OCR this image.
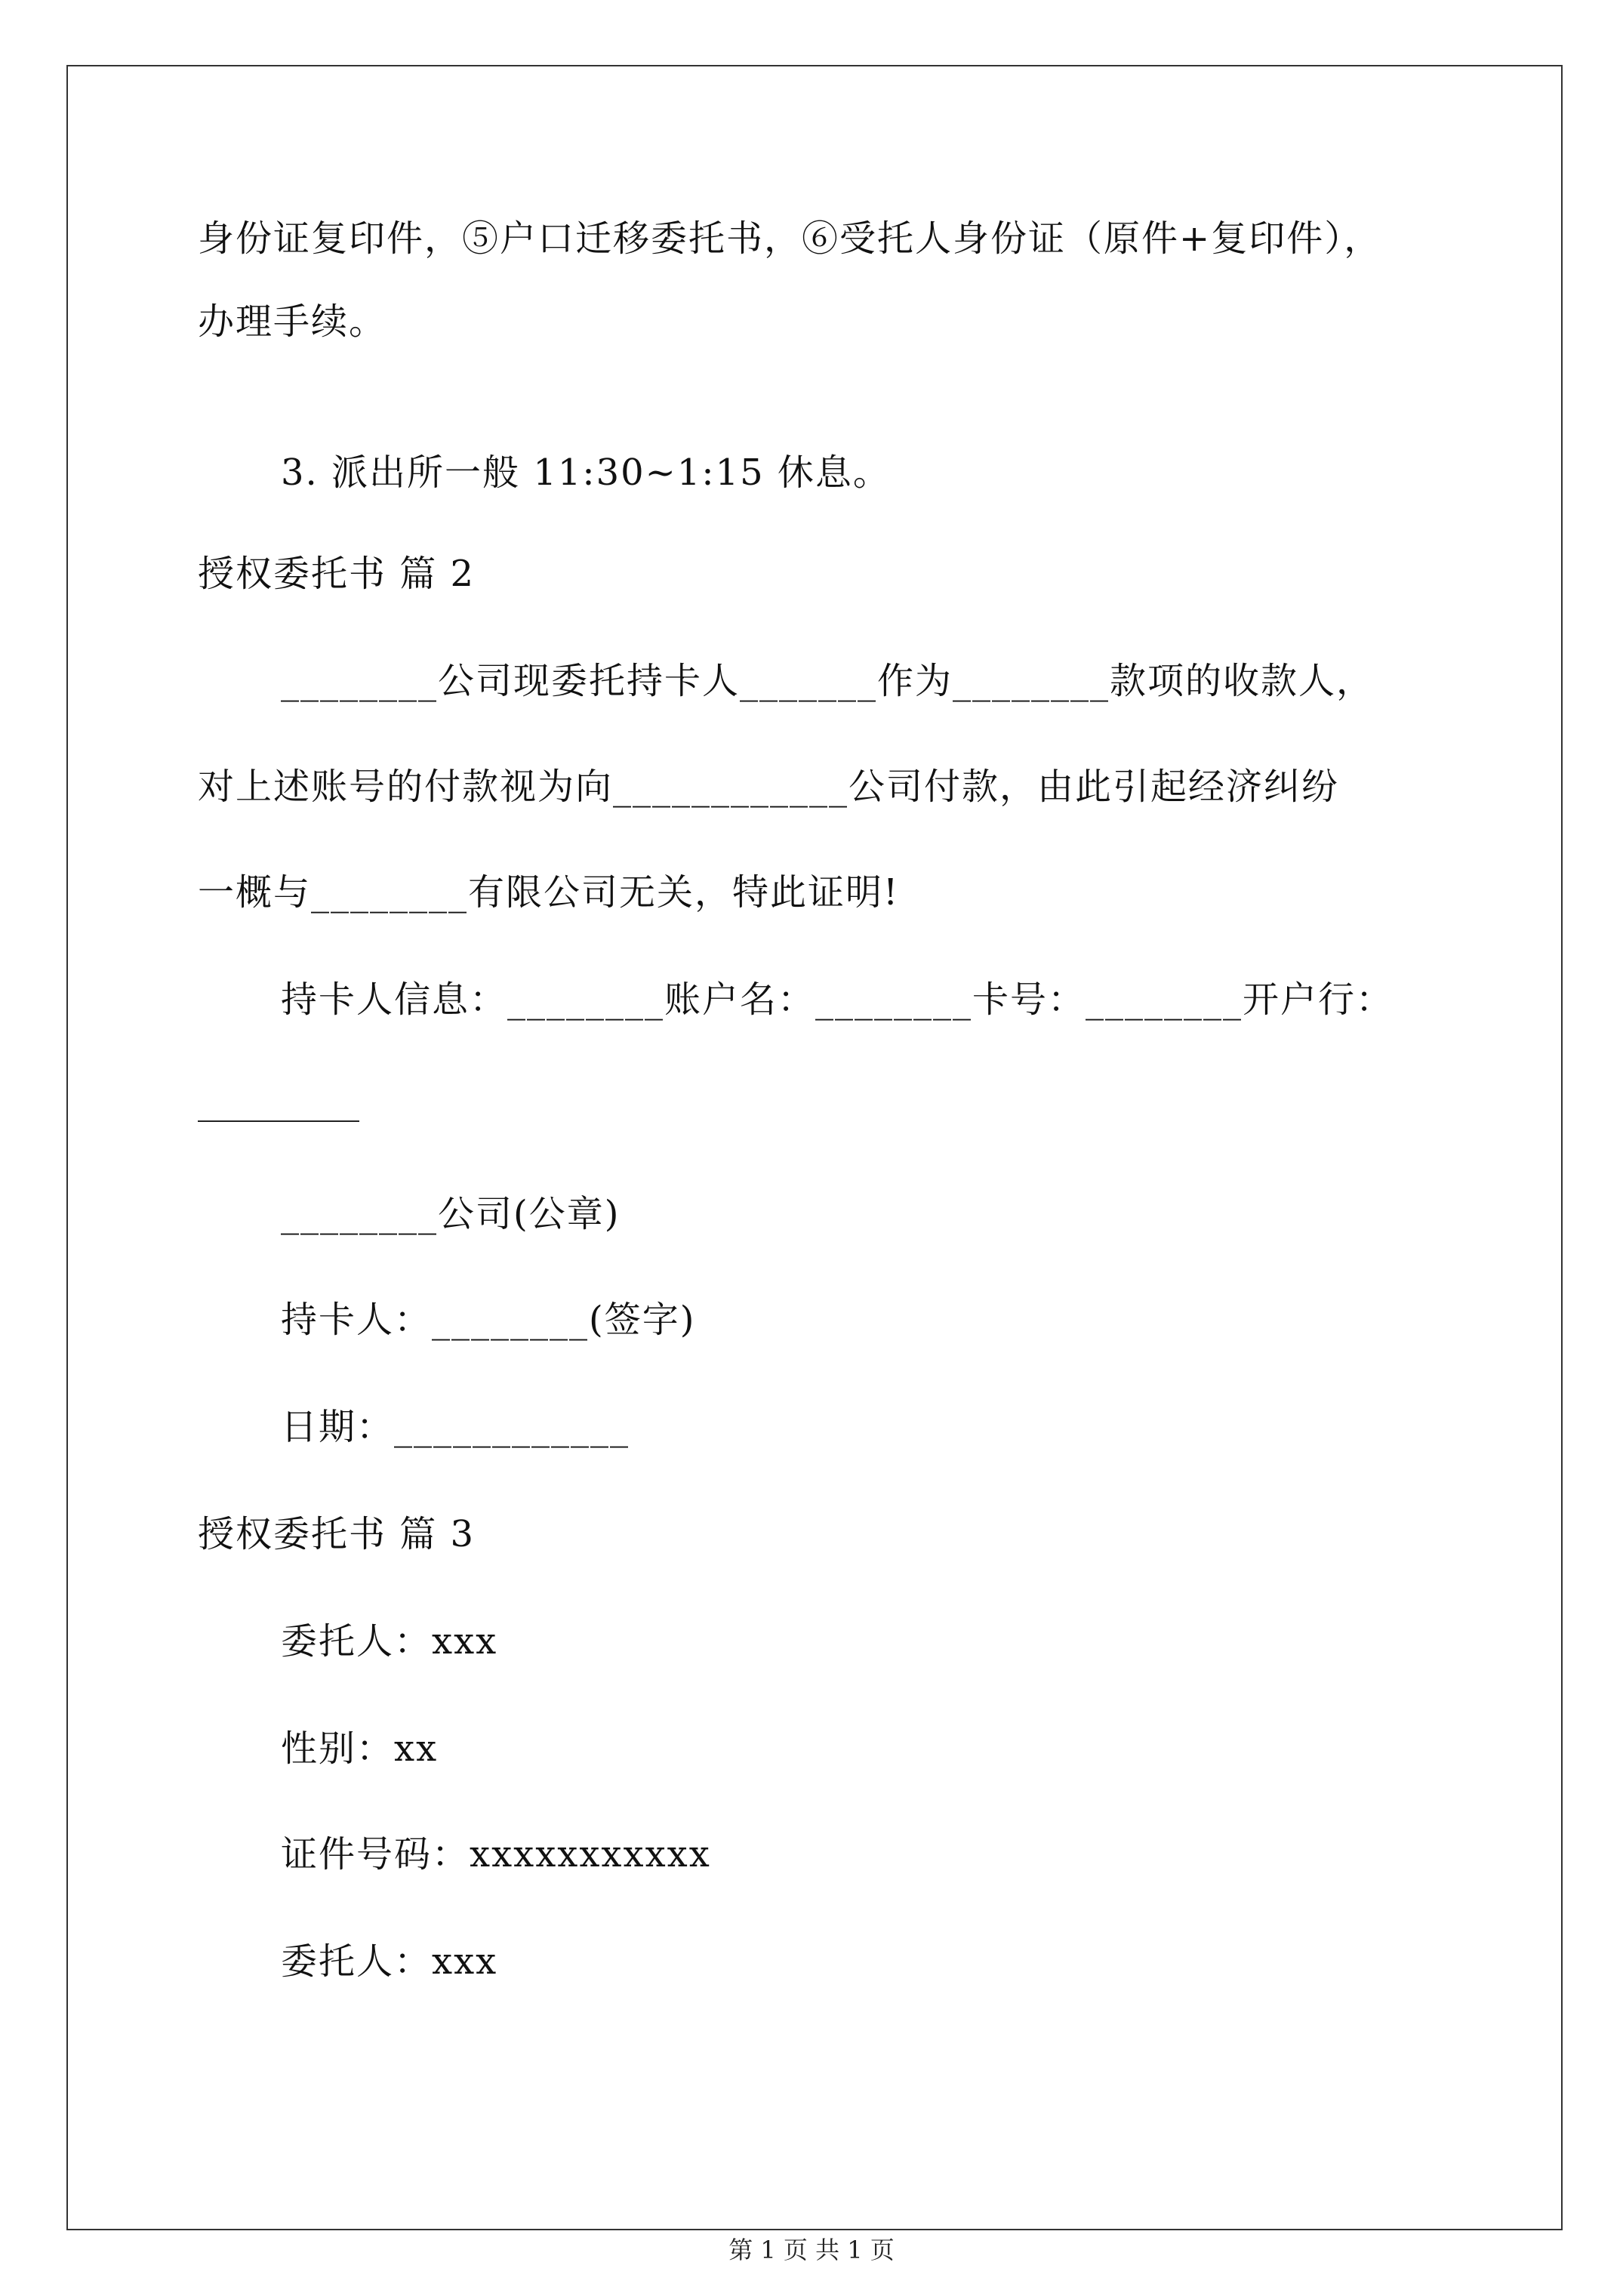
身份证复印件，⑤户口迁移委托书，⑥受托人身份证（原件+复印件），
办理手续。
3. 派出所一般 11:30~1:15 休息。
授权委托书 篇 2
________公司现委托持卡人_______作为________款项的收款人，
对上述账号的付款视为向____________公司付款，由此引起经济纠纷
一概与________有限公司无关，特此证明!
持卡人信息：________账户名：________卡号：________开户行：
________公司(公章)
持卡人：________(签字)
日期：____________
授权委托书 篇 3
委托人：xxx
性别：xx
证件号码：xxxxxxxxxxx
委托人：xxx
第 1 页 共 1 页
